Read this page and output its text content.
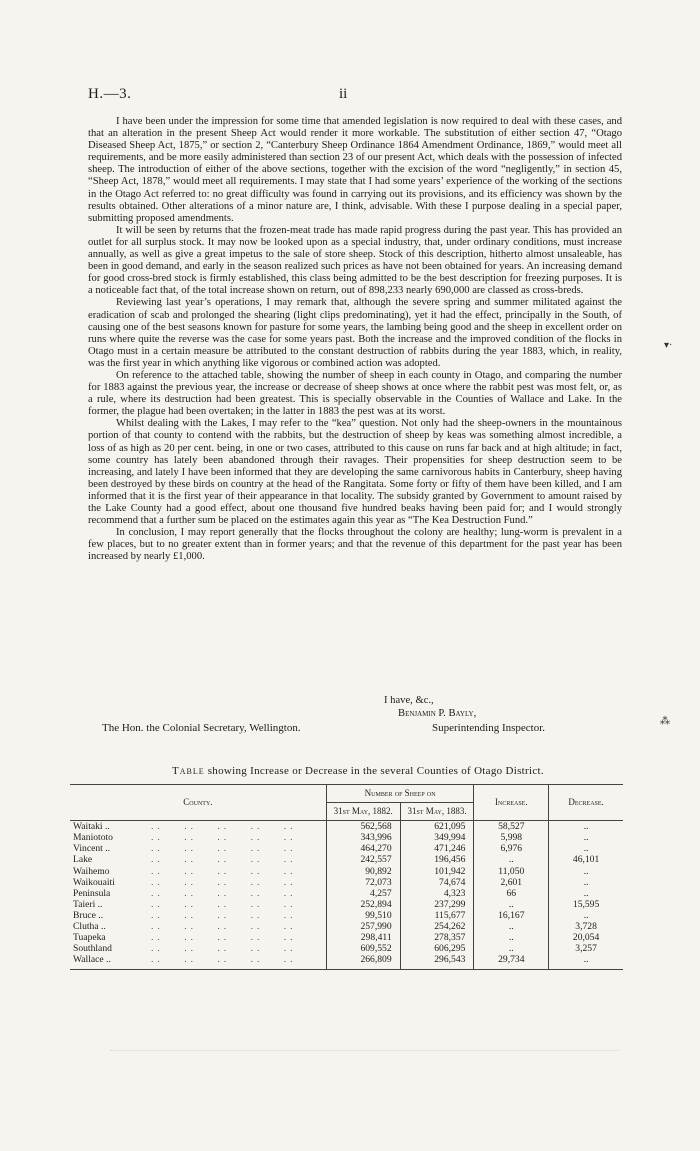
H.—3.	ii

I have been under the impression for some time that amended legislation is now required to deal with these cases, and that an alteration in the present Sheep Act would render it more workable. The substitution of either section 47, “Otago Diseased Sheep Act, 1875,” or section 2, “Canterbury Sheep Ordinance 1864 Amendment Ordinance, 1869,” would meet all requirements, and be more easily administered than section 23 of our present Act, which deals with the possession of infected sheep. The introduction of either of the above sections, together with the excision of the word “negligently,” in section 45, “Sheep Act, 1878,” would meet all requirements. I may state that I had some years’ experience of the working of the sections in the Otago Act referred to: no great difficulty was found in carrying out its provisions, and its efficiency was shown by the results obtained. Other alterations of a minor nature are, I think, advisable. With these I purpose dealing in a special paper, submitting proposed amendments.

It will be seen by returns that the frozen-meat trade has made rapid progress during the past year. This has provided an outlet for all surplus stock. It may now be looked upon as a special industry, that, under ordinary conditions, must increase annually, as well as give a great impetus to the sale of store sheep. Stock of this description, hitherto almost unsaleable, has been in good demand, and early in the season realized such prices as have not been obtained for years. An increasing demand for good cross-bred stock is firmly established, this class being admitted to be the best description for freezing purposes. It is a noticeable fact that, of the total increase shown on return, out of 898,233 nearly 690,000 are classed as cross-breds.

Reviewing last year’s operations, I may remark that, although the severe spring and summer militated against the eradication of scab and prolonged the shearing (light clips predominating), yet it had the effect, principally in the South, of causing one of the best seasons known for pasture for some years, the lambing being good and the sheep in excellent order on runs where quite the reverse was the case for some years past. Both the increase and the improved condition of the flocks in Otago must in a certain measure be attributed to the constant destruction of rabbits during the year 1883, which, in reality, was the first year in which anything like vigorous or combined action was adopted.

On reference to the attached table, showing the number of sheep in each county in Otago, and comparing the number for 1883 against the previous year, the increase or decrease of sheep shows at once where the rabbit pest was most felt, or, as a rule, where its destruction had been greatest. This is specially observable in the Counties of Wallace and Lake. In the former, the plague had been overtaken; in the latter in 1883 the pest was at its worst.

Whilst dealing with the Lakes, I may refer to the “kea” question. Not only had the sheep-owners in the mountainous portion of that county to contend with the rabbits, but the destruction of sheep by keas was something almost incredible, a loss of as high as 20 per cent. being, in one or two cases, attributed to this cause on runs far back and at high altitude; in fact, some country has lately been abandoned through their ravages. Their propensities for sheep destruction seem to be increasing, and lately I have been informed that they are developing the same carnivorous habits in Canterbury, sheep having been destroyed by these birds on country at the head of the Rangitata. Some forty or fifty of them have been killed, and I am informed that it is the first year of their appearance in that locality. The subsidy granted by Government to amount raised by the Lake County had a good effect, about one thousand five hundred beaks having been paid for; and I would strongly recommend that a further sum be placed on the estimates again this year as “The Kea Destruction Fund.”

In conclusion, I may report generally that the flocks throughout the colony are healthy; lung-worm is prevalent in a few places, but to no greater extent than in former years; and that the revenue of this department for the past year has been increased by nearly £1,000.

I have, &c.,
Benjamin P. Bayly,
The Hon. the Colonial Secretary, Wellington.	Superintending Inspector.
Table showing Increase or Decrease in the several Counties of Otago District.
County.	Number of Sheep on		Increase.	Decrease.
	31st May, 1882.	31st May, 1883.		
Waitaki .. .. .. .. .. ..	562,568	621,095	58,527	..
Maniototo .. .. .. .. ..	343,996	349,994	5,998	..
Vincent .. .. .. .. .. ..	464,270	471,246	6,976	..
Lake .. .. .. .. ..	242,557	196,456	..	46,101
Waihemo .. .. .. .. ..	90,892	101,942	11,050	..
Waikouaiti .. .. .. .. ..	72,073	74,674	2,601	..
Peninsula .. .. .. .. ..	4,257	4,323	66	..
Taieri .. .. .. .. .. ..	252,894	237,299	..	15,595
Bruce .. .. .. .. .. ..	99,510	115,677	16,167	..
Clutha .. .. .. .. .. ..	257,990	254,262	..	3,728
Tuapeka .. .. .. .. ..	298,411	278,357	..	20,054
Southland .. .. .. .. ..	609,552	606,295	..	3,257
Wallace .. .. .. .. .. ..	266,809	296,543	29,734	..
▾·
⁂
